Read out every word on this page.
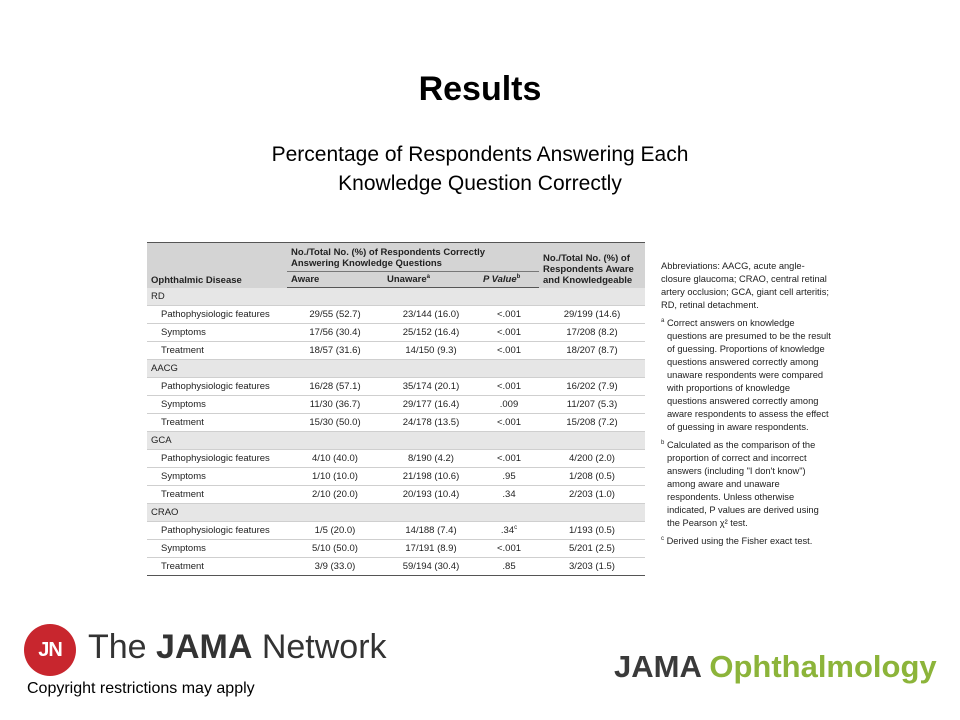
Results
Percentage of Respondents Answering Each
Knowledge Question Correctly
Ophthalmic Disease	No./Total No. (%) of Respondents Correctly Answering Knowledge Questions			No./Total No. (%) of Respondents Aware and Knowledgeable
	Aware	Unaware$^a$	P Value$^b$
RD				
Pathophysiologic features	29/55 (52.7)	23/144 (16.0)	<.001	29/199 (14.6)
Symptoms	17/56 (30.4)	25/152 (16.4)	<.001	17/208 (8.2)
Treatment	18/57 (31.6)	14/150 (9.3)	<.001	18/207 (8.7)
AACG				
Pathophysiologic features	16/28 (57.1)	35/174 (20.1)	<.001	16/202 (7.9)
Symptoms	11/30 (36.7)	29/177 (16.4)	.009	11/207 (5.3)
Treatment	15/30 (50.0)	24/178 (13.5)	<.001	15/208 (7.2)
GCA				
Pathophysiologic features	4/10 (40.0)	8/190 (4.2)	<.001	4/200 (2.0)
Symptoms	1/10 (10.0)	21/198 (10.6)	.95	1/208 (0.5)
Treatment	2/10 (20.0)	20/193 (10.4)	.34	2/203 (1.0)
CRAO				
Pathophysiologic features	1/5 (20.0)	14/188 (7.4)	.34$^c$	1/193 (0.5)
Symptoms	5/10 (50.0)	17/191 (8.9)	<.001	5/201 (2.5)
Treatment	3/9 (33.0)	59/194 (30.4)	.85	3/203 (1.5)

Abbreviations: AACG, acute angle-closure glaucoma; CRAO, central retinal artery occlusion; GCA, giant cell arteritis; RD, retinal detachment.

$^a$ Correct answers on knowledge questions are presumed to be the result of guessing. Proportions of knowledge questions answered correctly among unaware respondents were compared with proportions of knowledge questions answered correctly among aware respondents to assess the effect of guessing in aware respondents.

$^b$ Calculated as the comparison of the proportion of correct and incorrect answers (including "I don't know") among aware and unaware respondents. Unless otherwise indicated, P values are derived using the Pearson χ² test.

$^c$ Derived using the Fisher exact test.

JN The JAMA Network
Copyright restrictions may apply
JAMA Ophthalmology
